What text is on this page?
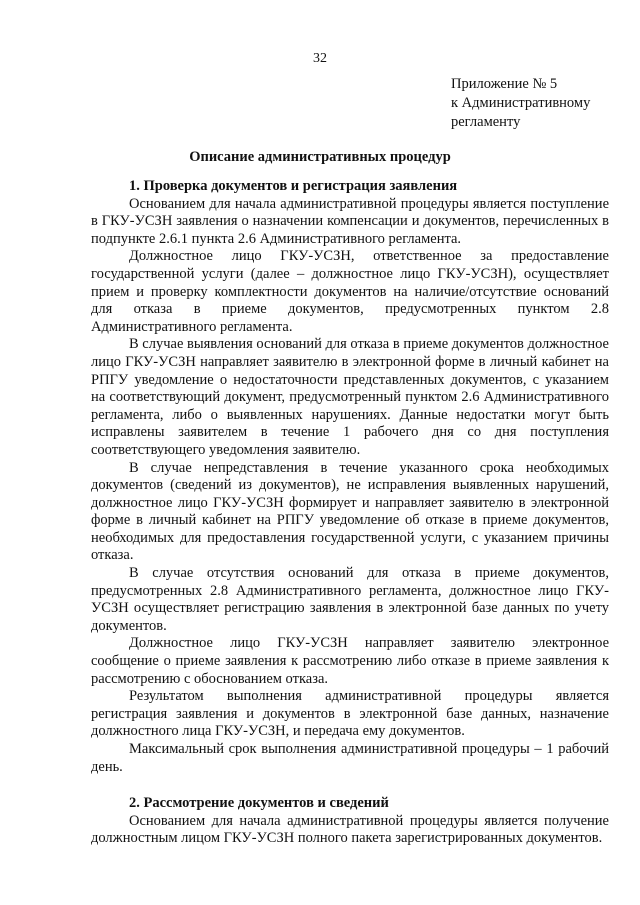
32
Приложение № 5
к Административному
регламенту
Описание административных процедур

1. Проверка документов и регистрация заявления

Основанием для начала административной процедуры является поступление в ГКУ-УСЗН заявления о назначении компенсации и документов, перечисленных в подпункте 2.6.1 пункта 2.6 Административного регламента.

Должностное лицо ГКУ-УСЗН, ответственное за предоставление государственной услуги (далее – должностное лицо ГКУ-УСЗН), осуществляет прием и проверку комплектности документов на наличие/отсутствие оснований для отказа в приеме документов, предусмотренных пунктом 2.8 Административного регламента.

В случае выявления оснований для отказа в приеме документов должностное лицо ГКУ-УСЗН направляет заявителю в электронной форме в личный кабинет на РПГУ уведомление о недостаточности представленных документов, с указанием на соответствующий документ, предусмотренный пунктом 2.6 Административного регламента, либо о выявленных нарушениях. Данные недостатки могут быть исправлены заявителем в течение 1 рабочего дня со дня поступления соответствующего уведомления заявителю.

В случае непредставления в течение указанного срока необходимых документов (сведений из документов), не исправления выявленных нарушений, должностное лицо ГКУ-УСЗН формирует и направляет заявителю в электронной форме в личный кабинет на РПГУ уведомление об отказе в приеме документов, необходимых для предоставления государственной услуги, с указанием причины отказа.

В случае отсутствия оснований для отказа в приеме документов, предусмотренных 2.8 Административного регламента, должностное лицо ГКУ-УСЗН осуществляет регистрацию заявления в электронной базе данных по учету документов.

Должностное лицо ГКУ-УСЗН направляет заявителю электронное сообщение о приеме заявления к рассмотрению либо отказе в приеме заявления к рассмотрению с обоснованием отказа.

Результатом выполнения административной процедуры является регистрация заявления и документов в электронной базе данных, назначение должностного лица ГКУ-УСЗН, и передача ему документов.

Максимальный срок выполнения административной процедуры – 1 рабочий день.

2. Рассмотрение документов и сведений

Основанием для начала административной процедуры является получение должностным лицом ГКУ-УСЗН полного пакета зарегистрированных документов.
